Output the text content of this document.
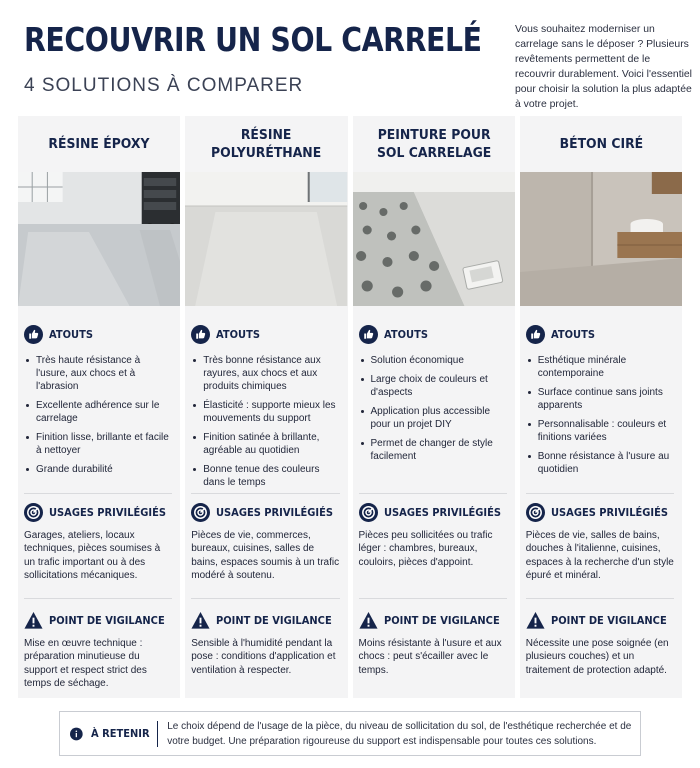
RECOUVRIR UN SOL CARRELÉ
4 SOLUTIONS À COMPARER
Vous souhaitez moderniser un carrelage sans le déposer ? Plusieurs revêtements permettent de le recouvrir durablement. Voici l'essentiel pour choisir la solution la plus adaptée à votre projet.
RÉSINE ÉPOXY
ATOUTS
Très haute résistance à l'usure, aux chocs et à l'abrasion
Excellente adhérence sur le carrelage
Finition lisse, brillante et facile à nettoyer
Grande durabilité
USAGES PRIVILÉGIÉS
Garages, ateliers, locaux techniques, pièces soumises à un trafic important ou à des sollicitations mécaniques.
POINT DE VIGILANCE
Mise en œuvre technique : préparation minutieuse du support et respect strict des temps de séchage.
RÉSINE POLYURÉTHANE
ATOUTS
Très bonne résistance aux rayures, aux chocs et aux produits chimiques
Élasticité : supporte mieux les mouvements du support
Finition satinée à brillante, agréable au quotidien
Bonne tenue des couleurs dans le temps
USAGES PRIVILÉGIÉS
Pièces de vie, commerces, bureaux, cuisines, salles de bains, espaces soumis à un trafic modéré à soutenu.
POINT DE VIGILANCE
Sensible à l'humidité pendant la pose : conditions d'application et ventilation à respecter.
PEINTURE POUR SOL CARRELAGE
ATOUTS
Solution économique
Large choix de couleurs et d'aspects
Application plus accessible pour un projet DIY
Permet de changer de style facilement
USAGES PRIVILÉGIÉS
Pièces peu sollicitées ou trafic léger : chambres, bureaux, couloirs, pièces d'appoint.
POINT DE VIGILANCE
Moins résistante à l'usure et aux chocs : peut s'écailler avec le temps.
BÉTON CIRÉ
ATOUTS
Esthétique minérale contemporaine
Surface continue sans joints apparents
Personnalisable : couleurs et finitions variées
Bonne résistance à l'usure au quotidien
USAGES PRIVILÉGIÉS
Pièces de vie, salles de bains, douches à l'italienne, cuisines, espaces à la recherche d'un style épuré et minéral.
POINT DE VIGILANCE
Nécessite une pose soignée (en plusieurs couches) et un traitement de protection adapté.
À RETENIR
Le choix dépend de l'usage de la pièce, du niveau de sollicitation du sol, de l'esthétique recherchée et de votre budget. Une préparation rigoureuse du support est indispensable pour toutes ces solutions.
